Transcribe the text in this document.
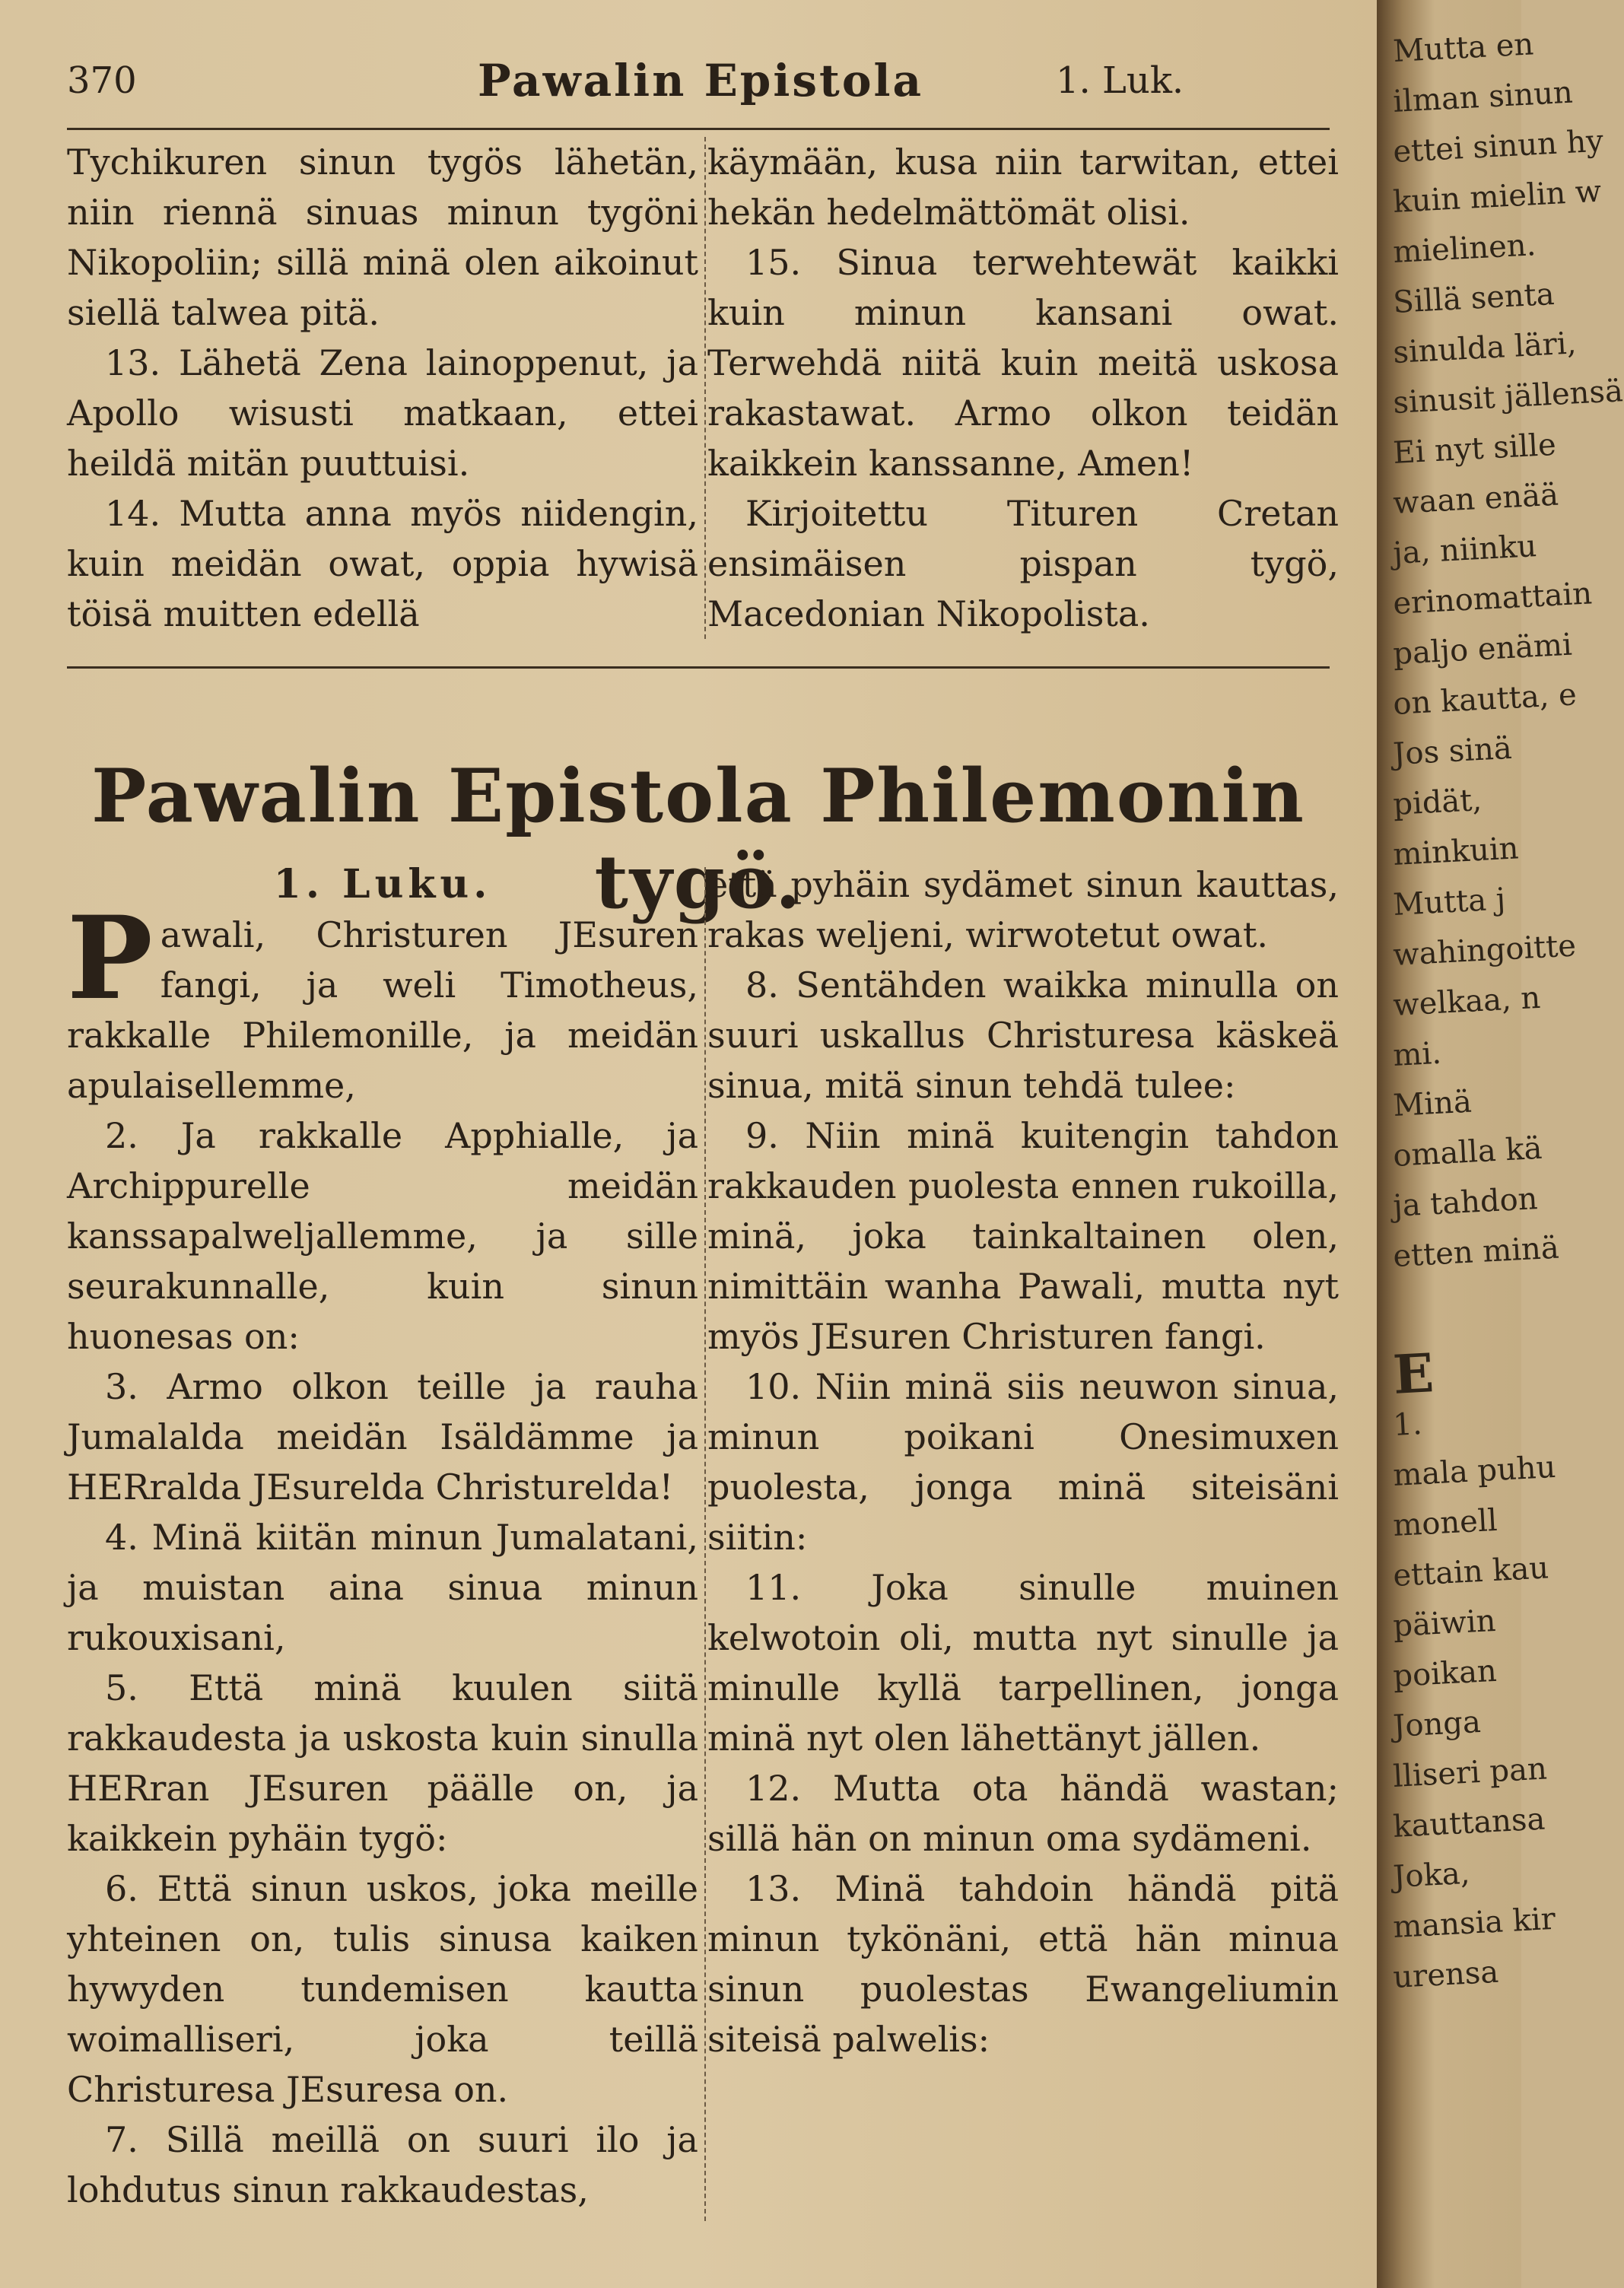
370	Pawalin Epistola	1. Luk.

Tychikuren sinun tygös lähetän, niin riennä sinuas minun tygöni Nikopoliin; sillä minä olen aikoinut siellä talwea pitä.

13. Lähetä Zena lainoppenut, ja Apollo wisusti matkaan, ettei heildä mitän puuttuisi.

14. Mutta anna myös niidengin, kuin meidän owat, oppia hywisä töisä muitten edellä

käymään, kusa niin tarwitan, ettei hekän hedelmättömät olisi.

15. Sinua terwehtewät kaikki kuin minun kansani owat. Terwehdä niitä kuin meitä uskosa rakastawat. Armo olkon teidän kaikkein kanssanne, Amen!

Kirjoitettu Tituren Cretan ensimäisen pispan tygö, Macedonian Nikopolista.

Pawalin Epistola Philemonin tygö.

1. Luku.

Pawali, Christuren JEsuren fangi, ja weli Timotheus, rakkalle Philemonille, ja meidän apulaisellemme,

2. Ja rakkalle Apphialle, ja Archippurelle meidän kanssapalweljallemme, ja sille seurakunnalle, kuin sinun huonesas on:

3. Armo olkon teille ja rauha Jumalalda meidän Isäldämme ja HERralda JEsurelda Christurelda!

4. Minä kiitän minun Jumalatani, ja muistan aina sinua minun rukouxisani,

5. Että minä kuulen siitä rakkaudesta ja uskosta kuin sinulla HERran JEsuren päälle on, ja kaikkein pyhäin tygö:

6. Että sinun uskos, joka meille yhteinen on, tulis sinusa kaiken hywyden tundemisen kautta woimalliseri, joka teillä Christuresa JEsuresa on.

7. Sillä meillä on suuri ilo ja lohdutus sinun rakkaudestas,

että pyhäin sydämet sinun kauttas, rakas weljeni, wirwotetut owat.

8. Sentähden waikka minulla on suuri uskallus Christuresa käskeä sinua, mitä sinun tehdä tulee:

9. Niin minä kuitengin tahdon rakkauden puolesta ennen rukoilla, minä, joka tainkaltainen olen, nimittäin wanha Pawali, mutta nyt myös JEsuren Christuren fangi.

10. Niin minä siis neuwon sinua, minun poikani Onesimuxen puolesta, jonga minä siteisäni siitin:

11. Joka sinulle muinen kelwotoin oli, mutta nyt sinulle ja minulle kyllä tarpellinen, jonga minä nyt olen lähettänyt jällen.

12. Mutta ota händä wastan; sillä hän on minun oma sydämeni.

13. Minä tahdoin händä pitä minun tykönäni, että hän minua sinun puolestas Ewangeliumin siteisä palwelis:

Mutta en
ilman sinun
ettei sinun hy
kuin mielin w
mielinen.
Sillä senta
sinulda läri,
sinusit jällensä
Ei nyt sille
waan enää
ja, niinku
erinomattain
paljo enämi
on kautta, e
Jos sinä
pidät,
minkuin
Mutta j
wahingoitte
welkaa, n
mi.
Minä
omalla kä
ja tahdon
etten minä
E
1.
mala puhu
monell
ettain kau
päiwin
poikan
Jonga
lliseri pan
kauttansa
Joka,
mansia kir
urensa
